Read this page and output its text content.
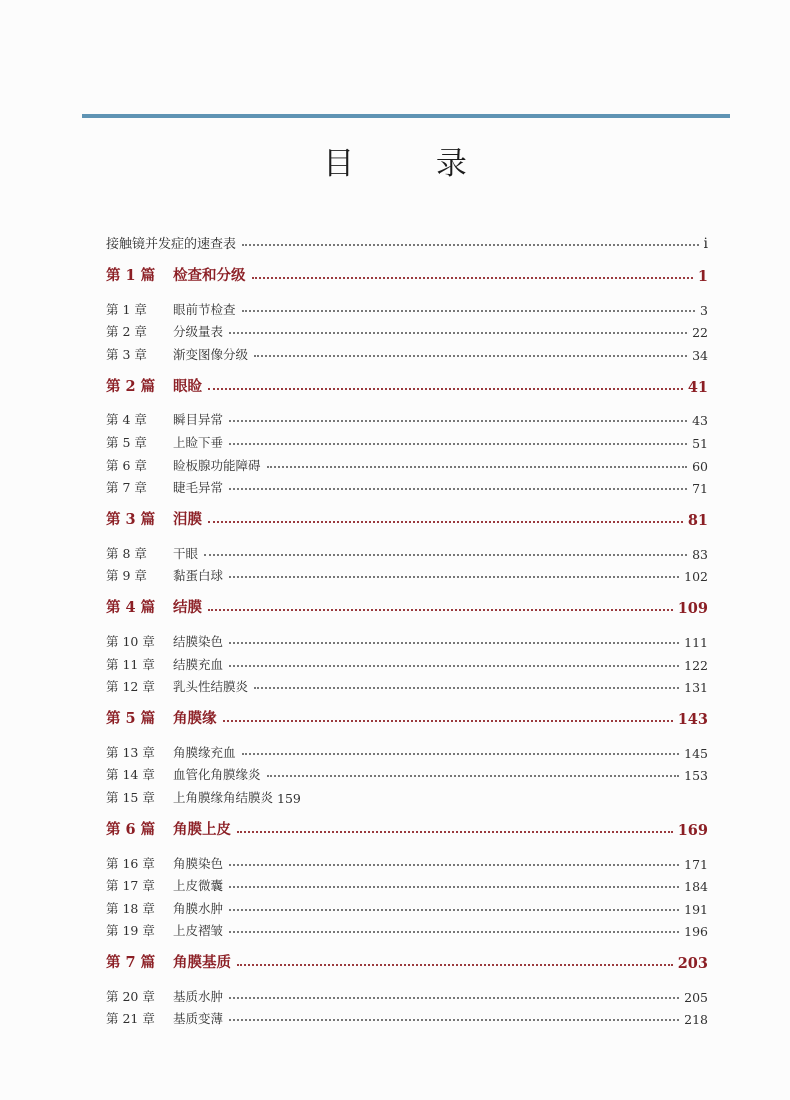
目 录
接触镜并发症的速查表	i
第 1 篇	检查和分级	1
第 1 章	眼前节检查	3
第 2 章	分级量表	22
第 3 章	渐变图像分级	34
第 2 篇	眼睑	41
第 4 章	瞬目异常	43
第 5 章	上睑下垂	51
第 6 章	睑板腺功能障碍	60
第 7 章	睫毛异常	71
第 3 篇	泪膜	81
第 8 章	干眼	83
第 9 章	黏蛋白球	102
第 4 篇	结膜	109
第 10 章	结膜染色	111
第 11 章	结膜充血	122
第 12 章	乳头性结膜炎	131
第 5 篇	角膜缘	143
第 13 章	角膜缘充血	145
第 14 章	血管化角膜缘炎	153
第 15 章	上角膜缘角结膜炎 159
第 6 篇	角膜上皮	169
第 16 章	角膜染色	171
第 17 章	上皮微囊	184
第 18 章	角膜水肿	191
第 19 章	上皮褶皱	196
第 7 篇	角膜基质	203
第 20 章	基质水肿	205
第 21 章	基质变薄	218
